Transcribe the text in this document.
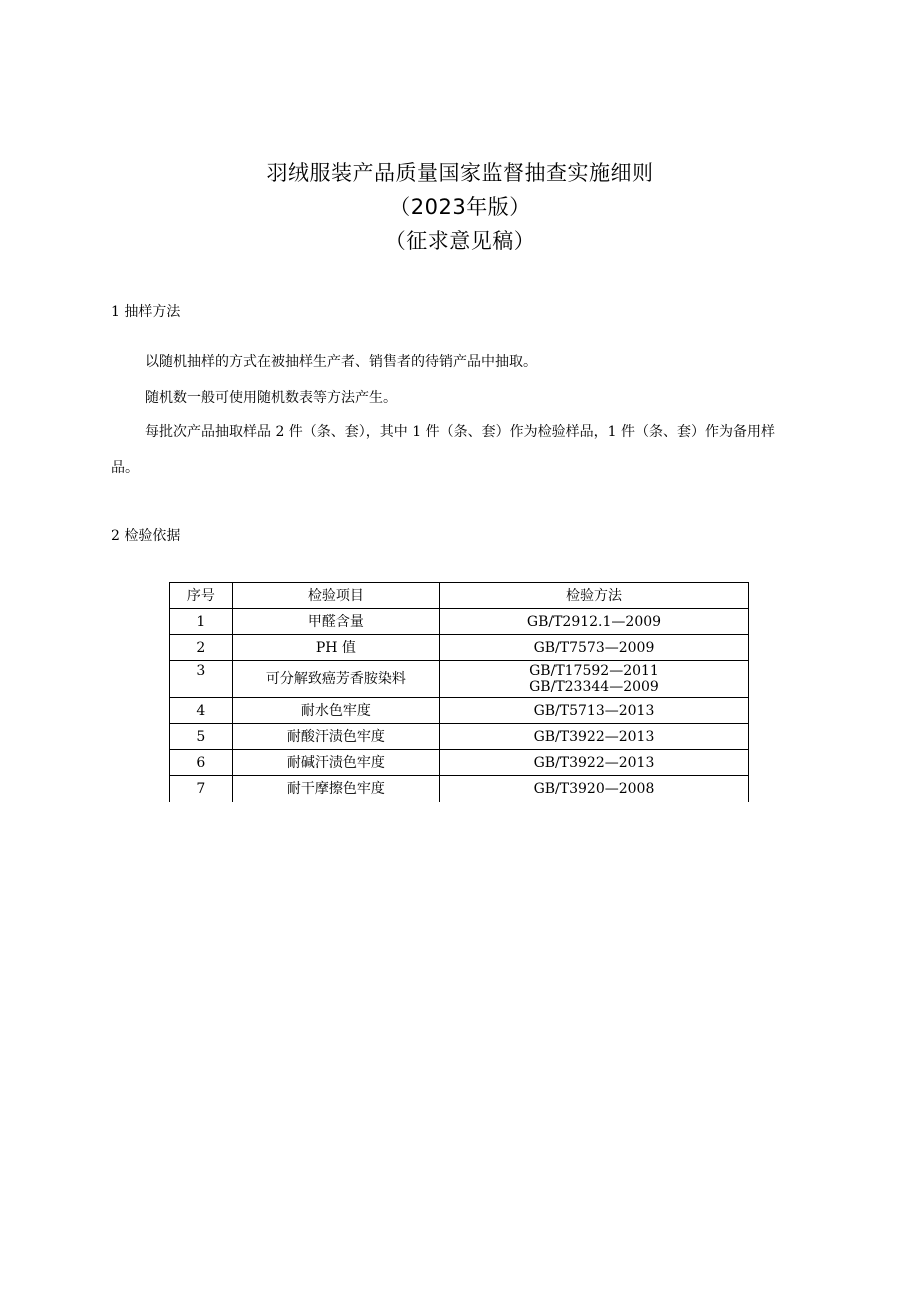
羽绒服装产品质量国家监督抽查实施细则
（2023年版）
（征求意见稿）
1 抽样方法

以随机抽样的方式在被抽样生产者、销售者的待销产品中抽取。

随机数一般可使用随机数表等方法产生。

每批次产品抽取样品 2 件（条、套），其中 1 件（条、套）作为检验样品，1 件（条、套）作为备用样品。

2 检验依据
序号	检验项目	检验方法
1	甲醛含量	GB/T2912.1—2009
2	PH 值	GB/T7573—2009
3	可分解致癌芳香胺染料	GB/T17592—2011
GB/T23344—2009

4	耐水色牢度	GB/T5713—2013
5	耐酸汗渍色牢度	GB/T3922—2013
6	耐碱汗渍色牢度	GB/T3922—2013
7	耐干摩擦色牢度	GB/T3920—2008
